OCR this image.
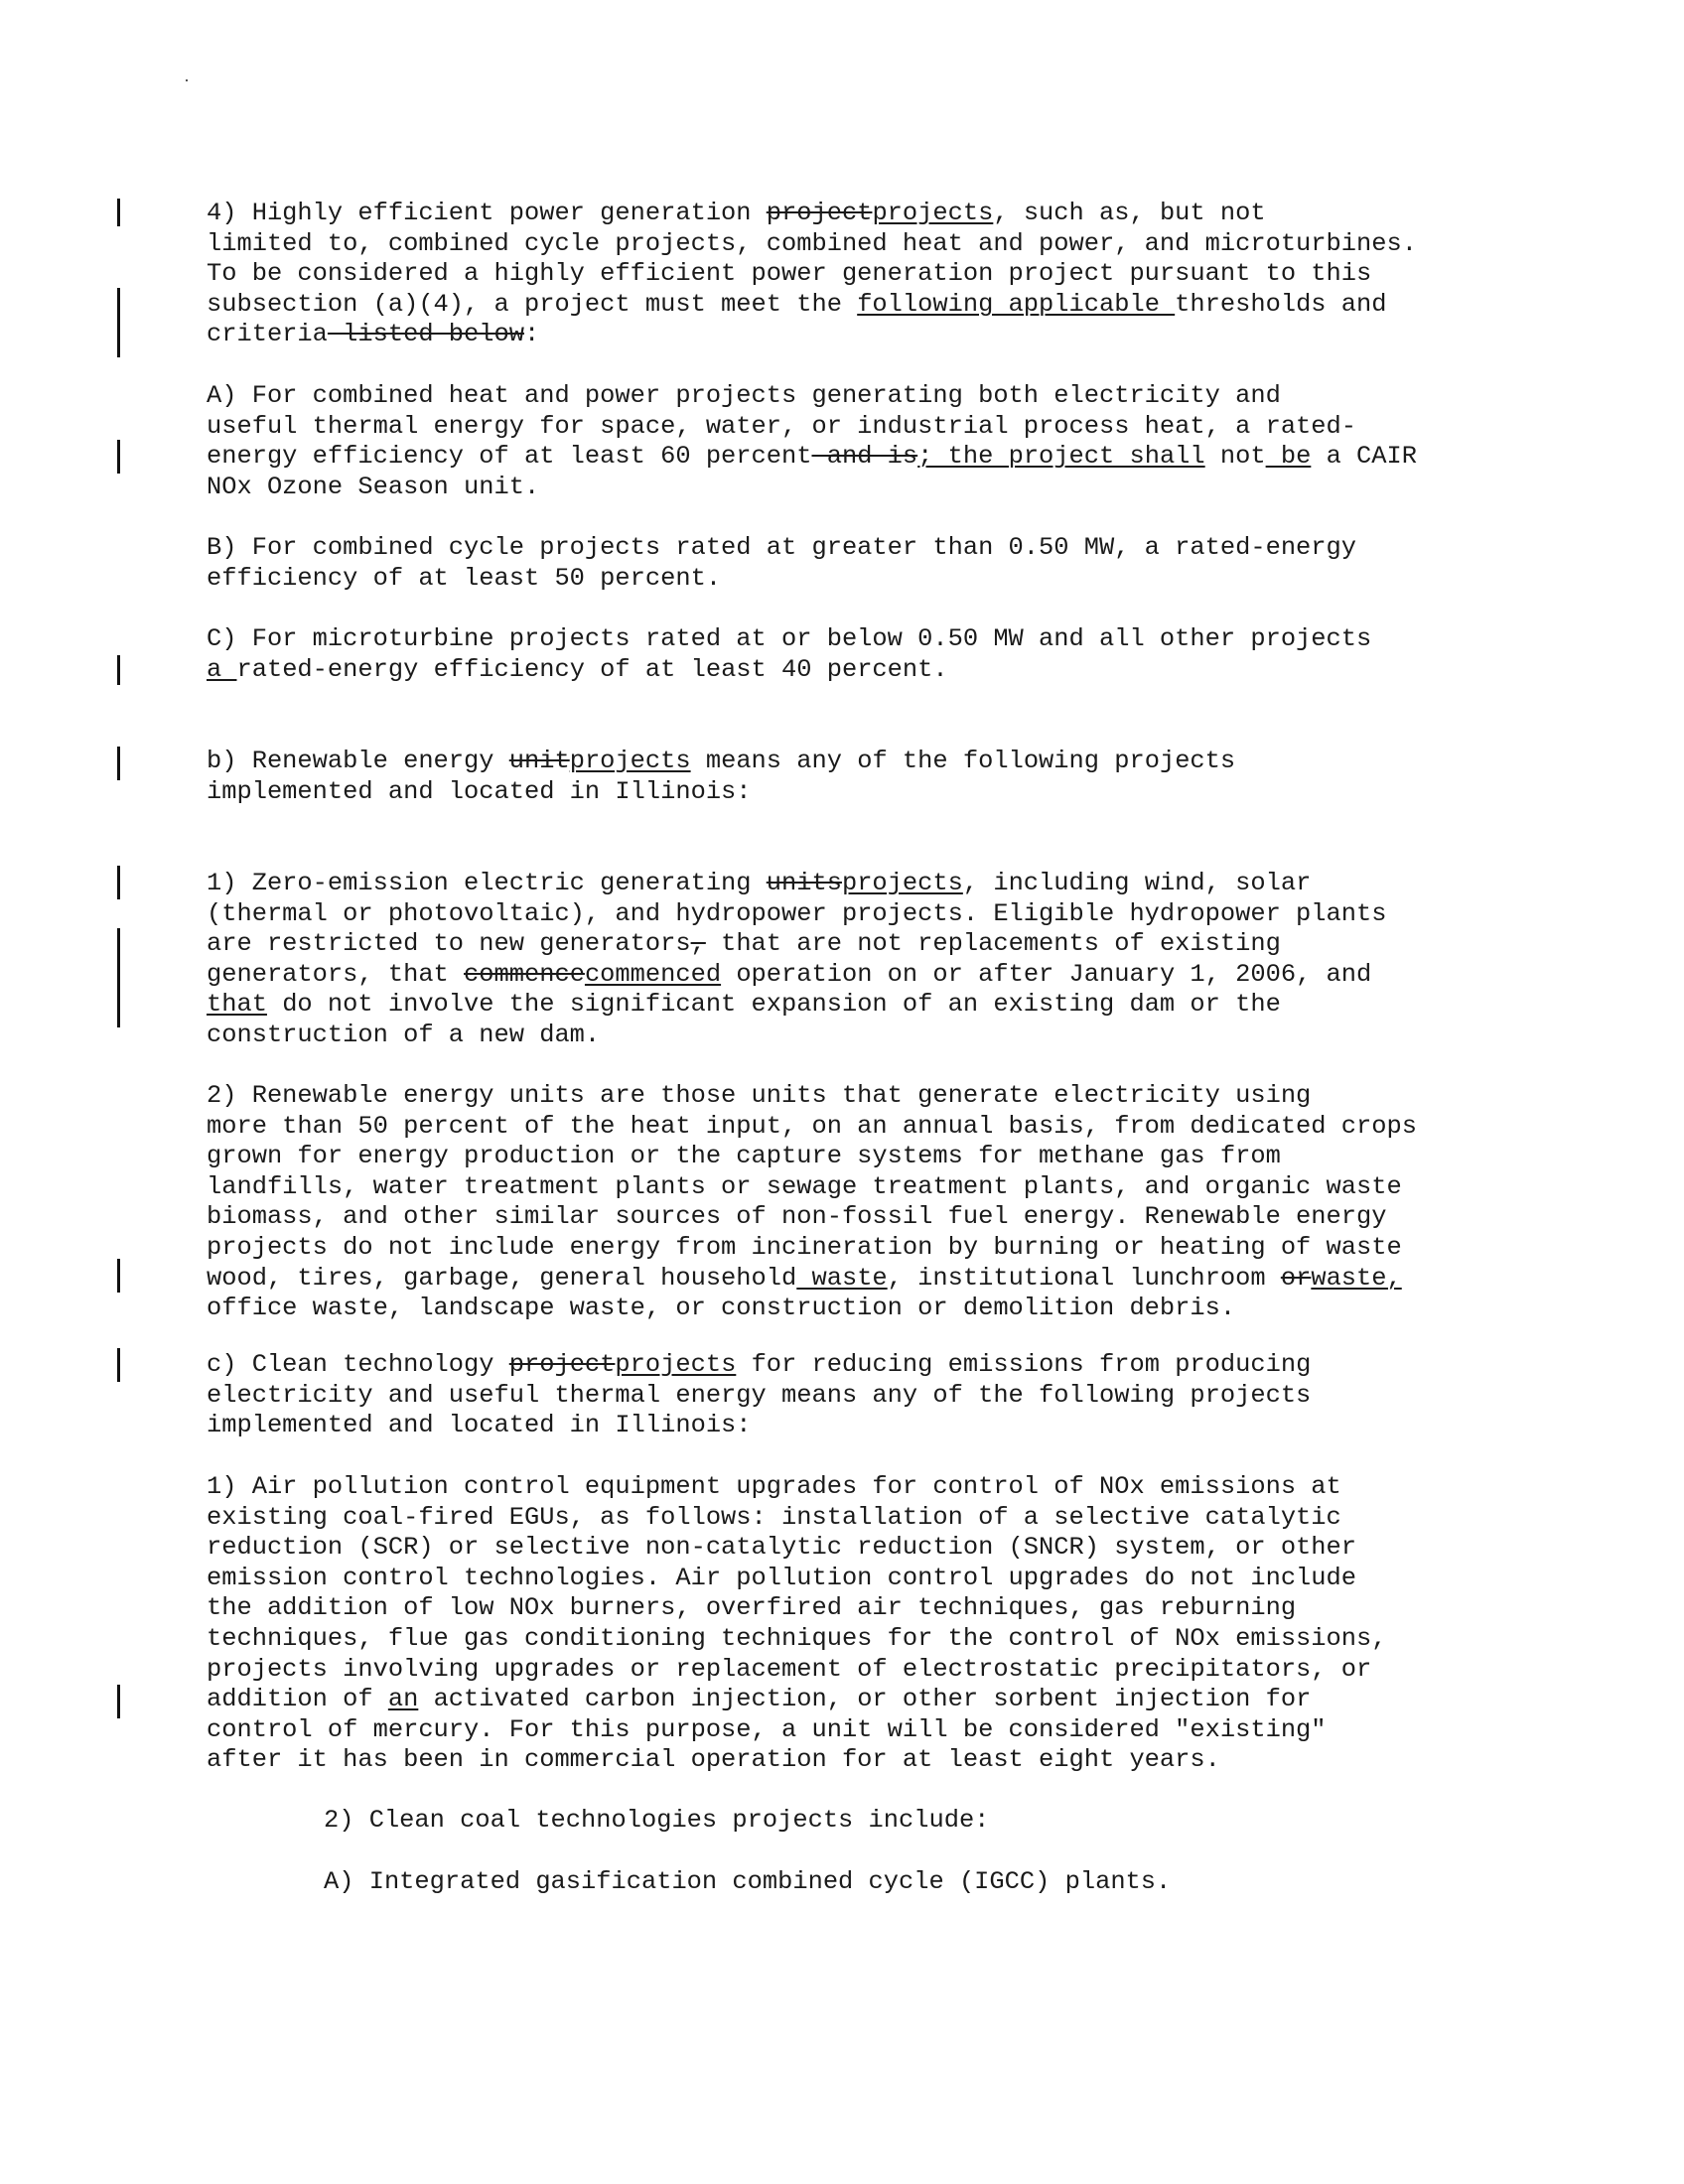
4) Highly efficient power generation projectprojects, such as, but not
limited to, combined cycle projects, combined heat and power, and microturbines.
To be considered a highly efficient power generation project pursuant to this
subsection (a)(4), a project must meet the following applicable thresholds and
criteria listed below:

A) For combined heat and power projects generating both electricity and
useful thermal energy for space, water, or industrial process heat, a rated-
energy efficiency of at least 60 percent and is; the project shall not be a CAIR
NOx Ozone Season unit.

B) For combined cycle projects rated at greater than 0.50 MW, a rated-energy
efficiency of at least 50 percent.

C) For microturbine projects rated at or below 0.50 MW and all other projects
a rated-energy efficiency of at least 40 percent.

b) Renewable energy unitprojects means any of the following projects
implemented and located in Illinois:

1) Zero-emission electric generating unitsprojects, including wind, solar
(thermal or photovoltaic), and hydropower projects. Eligible hydropower plants
are restricted to new generators, that are not replacements of existing
generators, that commencecommenced operation on or after January 1, 2006, and
that do not involve the significant expansion of an existing dam or the
construction of a new dam.

2) Renewable energy units are those units that generate electricity using
more than 50 percent of the heat input, on an annual basis, from dedicated crops
grown for energy production or the capture systems for methane gas from
landfills, water treatment plants or sewage treatment plants, and organic waste
biomass, and other similar sources of non-fossil fuel energy. Renewable energy
projects do not include energy from incineration by burning or heating of waste
wood, tires, garbage, general household waste, institutional lunchroom orwaste,
office waste, landscape waste, or construction or demolition debris.

c) Clean technology projectprojects for reducing emissions from producing
electricity and useful thermal energy means any of the following projects
implemented and located in Illinois:

1) Air pollution control equipment upgrades for control of NOx emissions at
existing coal-fired EGUs, as follows: installation of a selective catalytic
reduction (SCR) or selective non-catalytic reduction (SNCR) system, or other
emission control technologies. Air pollution control upgrades do not include
the addition of low NOx burners, overfired air techniques, gas reburning
techniques, flue gas conditioning techniques for the control of NOx emissions,
projects involving upgrades or replacement of electrostatic precipitators, or
addition of an activated carbon injection, or other sorbent injection for
control of mercury. For this purpose, a unit will be considered "existing"
after it has been in commercial operation for at least eight years.

2) Clean coal technologies projects include:

A) Integrated gasification combined cycle (IGCC) plants.
